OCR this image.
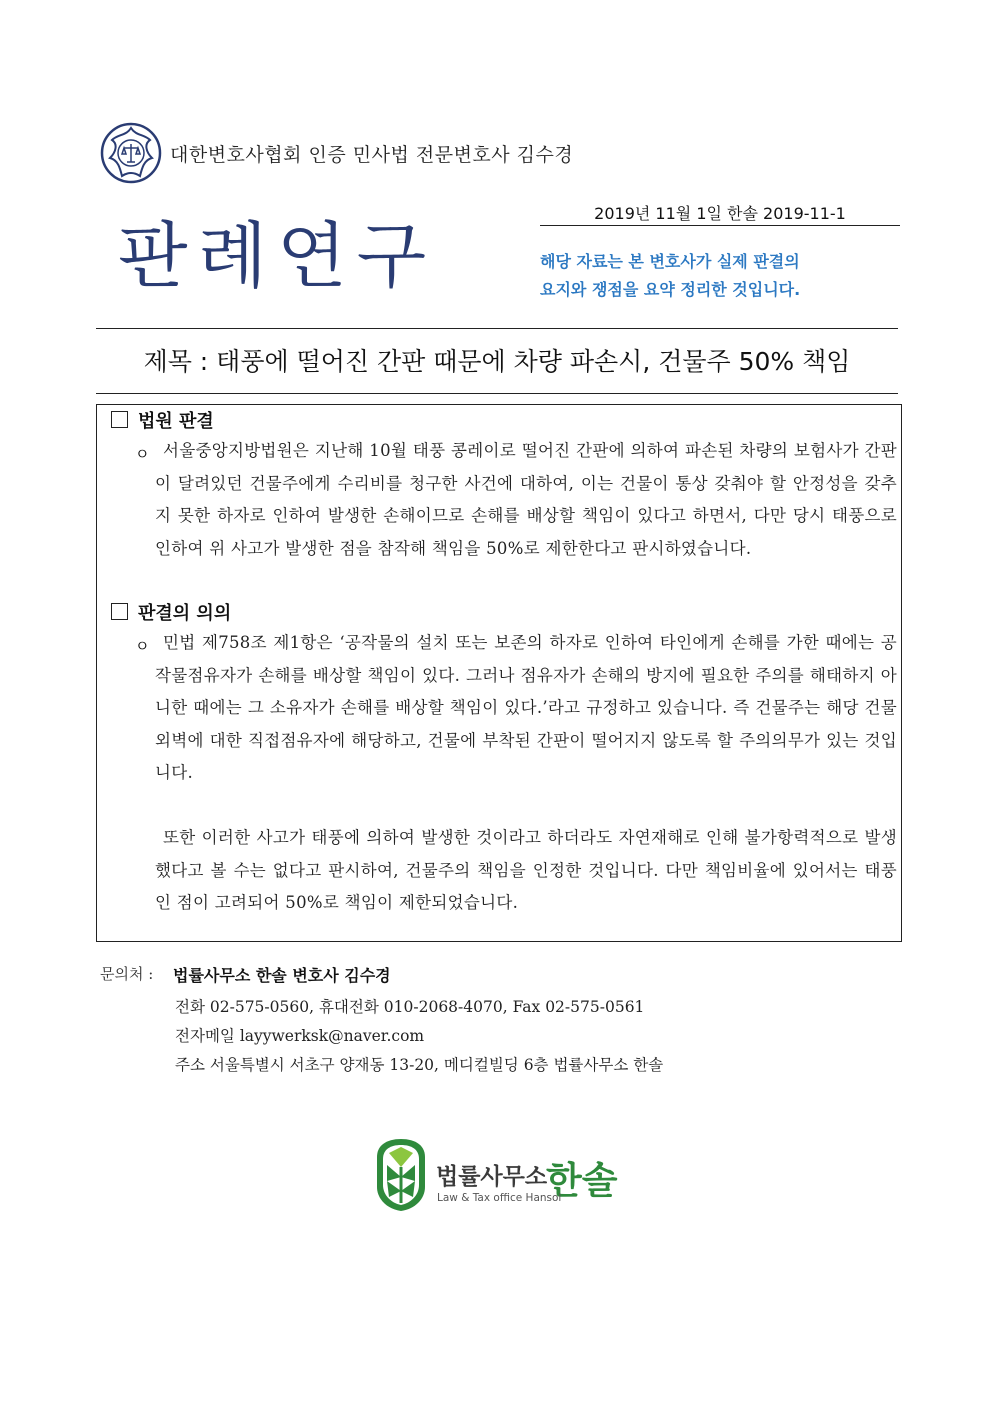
대한변호사협회 인증 민사법 전문변호사 김수경
2019년 11월 1일 한솔 2019-11-1
판례연구	해당 자료는 본 변호사가 실제 판결의
요지와 쟁점을 요약 정리한 것입니다.
제목 : 태풍에 떨어진 간판 때문에 차량 파손시, 건물주 50% 책임
법원 판결
ㅇ 서울중앙지방법원은 지난해 10월 태풍 콩레이로 떨어진 간판에 의하여 파손된 차량의 보험사가 간판이 달려있던 건물주에게 수리비를 청구한 사건에 대하여, 이는 건물이 통상 갖춰야 할 안정성을 갖추지 못한 하자로 인하여 발생한 손해이므로 손해를 배상할 책임이 있다고 하면서, 다만 당시 태풍으로 인하여 위 사고가 발생한 점을 참작해 책임을 50%로 제한한다고 판시하였습니다.
판결의 의의
ㅇ 민법 제758조 제1항은 ‘공작물의 설치 또는 보존의 하자로 인하여 타인에게 손해를 가한 때에는 공작물점유자가 손해를 배상할 책임이 있다. 그러나 점유자가 손해의 방지에 필요한 주의를 해태하지 아니한 때에는 그 소유자가 손해를 배상할 책임이 있다.’라고 규정하고 있습니다. 즉 건물주는 해당 건물 외벽에 대한 직접점유자에 해당하고, 건물에 부착된 간판이 떨어지지 않도록 할 주의의무가 있는 것입니다.
또한 이러한 사고가 태풍에 의하여 발생한 것이라고 하더라도 자연재해로 인해 불가항력적으로 발생했다고 볼 수는 없다고 판시하여, 건물주의 책임을 인정한 것입니다. 다만 책임비율에 있어서는 태풍인 점이 고려되어 50%로 책임이 제한되었습니다.
문의처 : 법률사무소 한솔 변호사 김수경
전화 02-575-0560, 휴대전화 010-2068-4070, Fax 02-575-0561
전자메일 layywerksk@naver.com
주소 서울특별시 서초구 양재동 13-20, 메디컬빌딩 6층 법률사무소 한솔
법률사무소
한솔
Law & Tax office Hansol
